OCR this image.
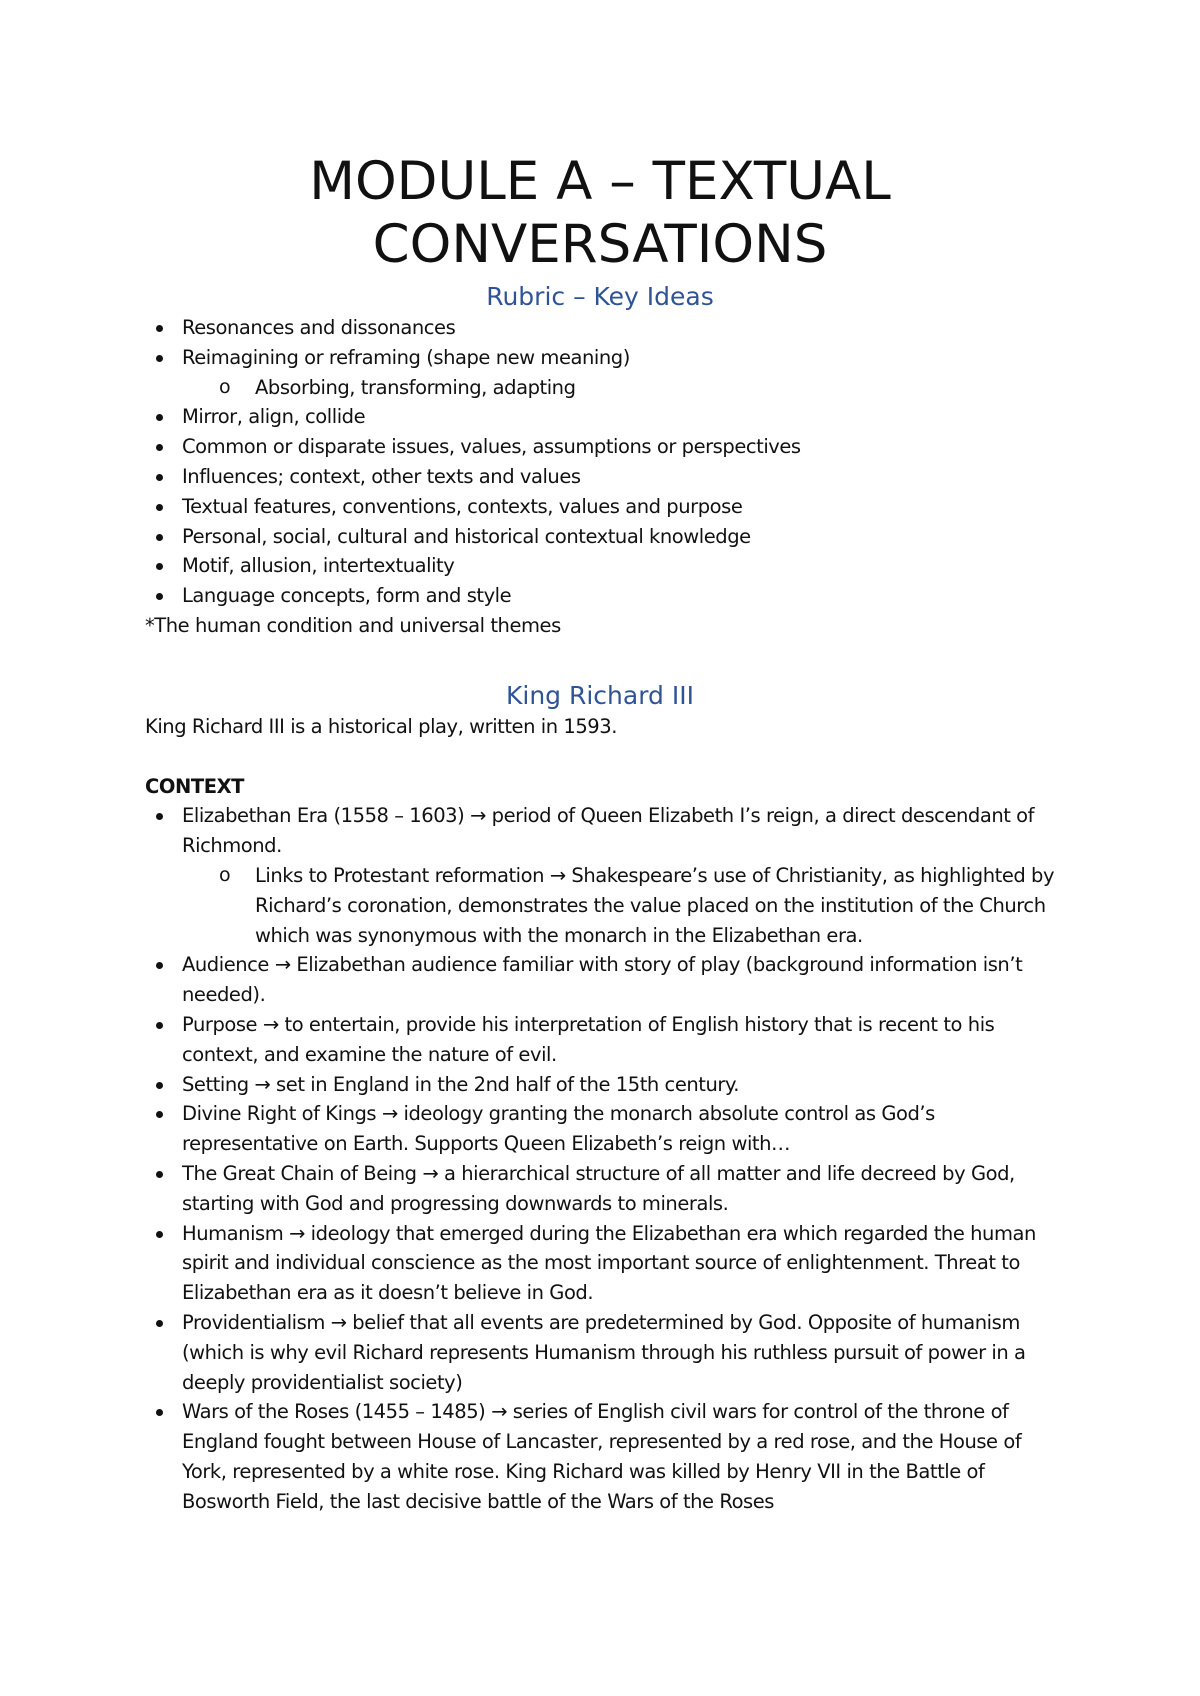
MODULE A – TEXTUAL
CONVERSATIONS
Rubric – Key Ideas
Resonances and dissonances
Reimagining or reframing (shape new meaning)
o Absorbing, transforming, adapting
Mirror, align, collide
Common or disparate issues, values, assumptions or perspectives
Influences; context, other texts and values
Textual features, conventions, contexts, values and purpose
Personal, social, cultural and historical contextual knowledge
Motif, allusion, intertextuality
Language concepts, form and style

*The human condition and universal themes

King Richard III

King Richard III is a historical play, written in 1593.

CONTEXT

Elizabethan Era (1558 – 1603) → period of Queen Elizabeth I’s reign, a direct descendant of Richmond.
o Links to Protestant reformation → Shakespeare’s use of Christianity, as highlighted by Richard’s coronation, demonstrates the value placed on the institution of the Church which was synonymous with the monarch in the Elizabethan era.
Audience → Elizabethan audience familiar with story of play (background information isn’t needed).
Purpose → to entertain, provide his interpretation of English history that is recent to his context, and examine the nature of evil.
Setting → set in England in the 2nd half of the 15th century.
Divine Right of Kings → ideology granting the monarch absolute control as God’s representative on Earth. Supports Queen Elizabeth’s reign with…
The Great Chain of Being → a hierarchical structure of all matter and life decreed by God, starting with God and progressing downwards to minerals.
Humanism → ideology that emerged during the Elizabethan era which regarded the human spirit and individual conscience as the most important source of enlightenment. Threat to Elizabethan era as it doesn’t believe in God.
Providentialism → belief that all events are predetermined by God. Opposite of humanism (which is why evil Richard represents Humanism through his ruthless pursuit of power in a deeply providentialist society)
Wars of the Roses (1455 – 1485) → series of English civil wars for control of the throne of England fought between House of Lancaster, represented by a red rose, and the House of York, represented by a white rose. King Richard was killed by Henry VII in the Battle of Bosworth Field, the last decisive battle of the Wars of the Roses
